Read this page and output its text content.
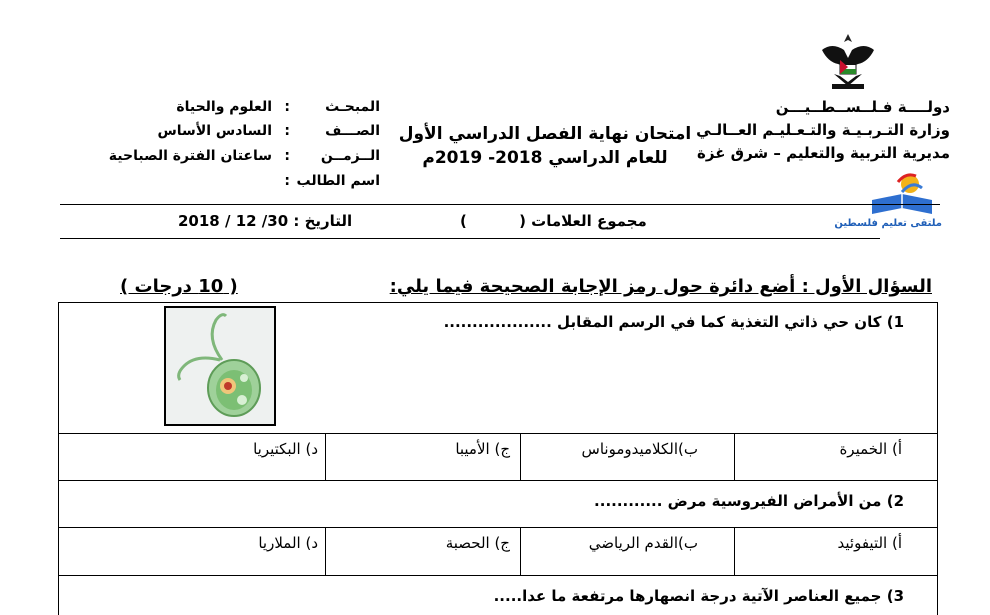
دولــــة فـلــســطــيـــن
وزارة التـربـيـة والتـعـليـم العــالـي
مديرية التربية والتعليم – شرق غزة
ملتقى تعليم فلسطين
امتحان نهاية الفصل الدراسي الأول
للعام الدراسي 2018- 2019م
المبحـث
:
العلوم والحياة
الصـــف
:
السادس الأساس
الــزمــن
:
ساعتان الفترة الصباحية
اسم الطالب
:
التاريخ : 30/ 12 / 2018	مجموع العلامات (          )
السؤال الأول : أضع دائرة حول رمز الإجابة الصحيحة فيما يلي:
( 10 درجات )
1) كان حي ذاتي التغذية كما في الرسم المقابل ...................
أ) الخميرة
ب)الكلاميدوموناس
ج) الأميبا
د) البكتيريا
2) من الأمراض الفيروسية مرض ............
أ) التيفوئيد
ب)القدم الرياضي
ج) الحصبة
د) الملاريا
3) جميع العناصر الآتية درجة انصهارها مرتفعة ما عدا.....
